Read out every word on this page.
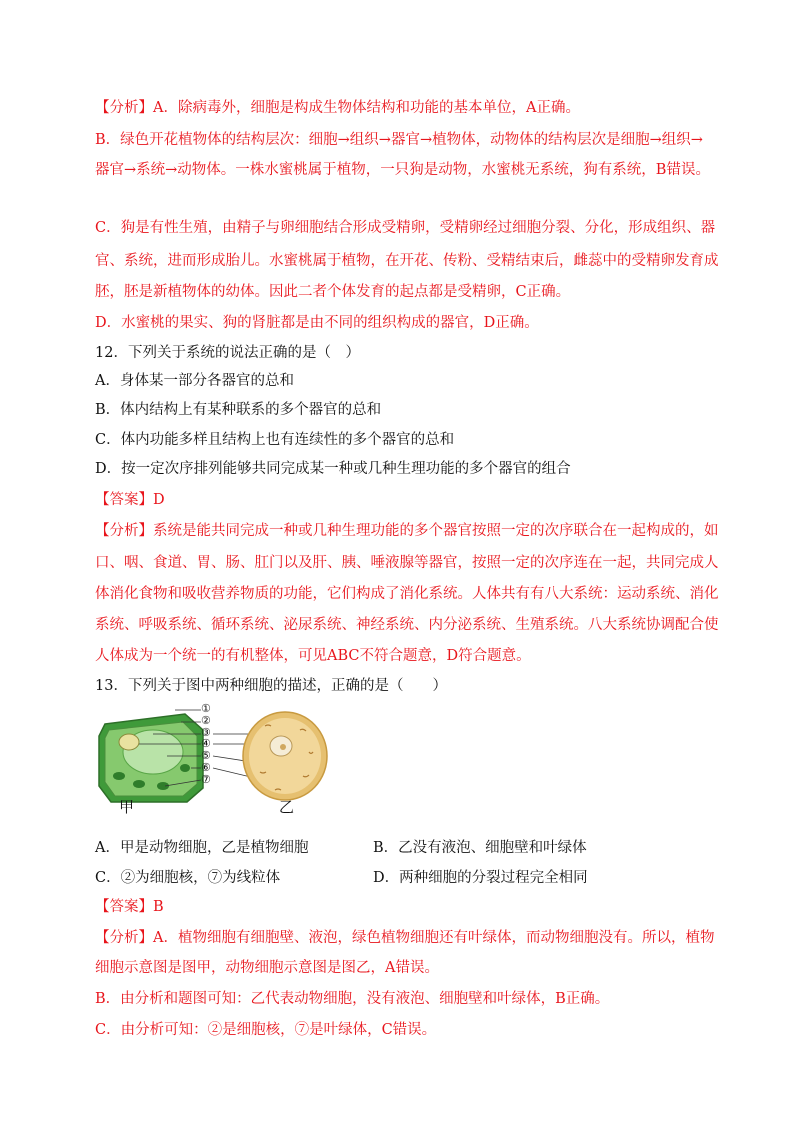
【分析】A．除病毒外，细胞是构成生物体结构和功能的基本单位，A正确。
B．绿色开花植物体的结构层次：细胞→组织→器官→植物体，动物体的结构层次是细胞→组织→
器官→系统→动物体。一株水蜜桃属于植物，一只狗是动物，水蜜桃无系统，狗有系统，B错误。
C．狗是有性生殖，由精子与卵细胞结合形成受精卵，受精卵经过细胞分裂、分化，形成组织、器
官、系统，进而形成胎儿。水蜜桃属于植物，在开花、传粉、受精结束后，雌蕊中的受精卵发育成
胚，胚是新植物体的幼体。因此二者个体发育的起点都是受精卵，C正确。
D．水蜜桃的果实、狗的肾脏都是由不同的组织构成的器官，D正确。
12．下列关于系统的说法正确的是（　）
A．身体某一部分各器官的总和
B．体内结构上有某种联系的多个器官的总和
C．体内功能多样且结构上也有连续性的多个器官的总和
D．按一定次序排列能够共同完成某一种或几种生理功能的多个器官的组合
【答案】D
【分析】系统是能共同完成一种或几种生理功能的多个器官按照一定的次序联合在一起构成的，如
口、咽、食道、胃、肠、肛门以及肝、胰、唾液腺等器官，按照一定的次序连在一起，共同完成人
体消化食物和吸收营养物质的功能，它们构成了消化系统。人体共有有八大系统：运动系统、消化
系统、呼吸系统、循环系统、泌尿系统、神经系统、内分泌系统、生殖系统。八大系统协调配合使
人体成为一个统一的有机整体，可见ABC不符合题意，D符合题意。
13．下列关于图中两种细胞的描述，正确的是（　　）
①
②
③
④
⑤
⑥
⑦
甲	乙
A．甲是动物细胞，乙是植物细胞	B．乙没有液泡、细胞壁和叶绿体
C．②为细胞核，⑦为线粒体	D．两种细胞的分裂过程完全相同
【答案】B
【分析】A．植物细胞有细胞壁、液泡，绿色植物细胞还有叶绿体，而动物细胞没有。所以，植物
细胞示意图是图甲，动物细胞示意图是图乙，A错误。
B．由分析和题图可知：乙代表动物细胞，没有液泡、细胞壁和叶绿体，B正确。
C．由分析可知：②是细胞核，⑦是叶绿体，C错误。
